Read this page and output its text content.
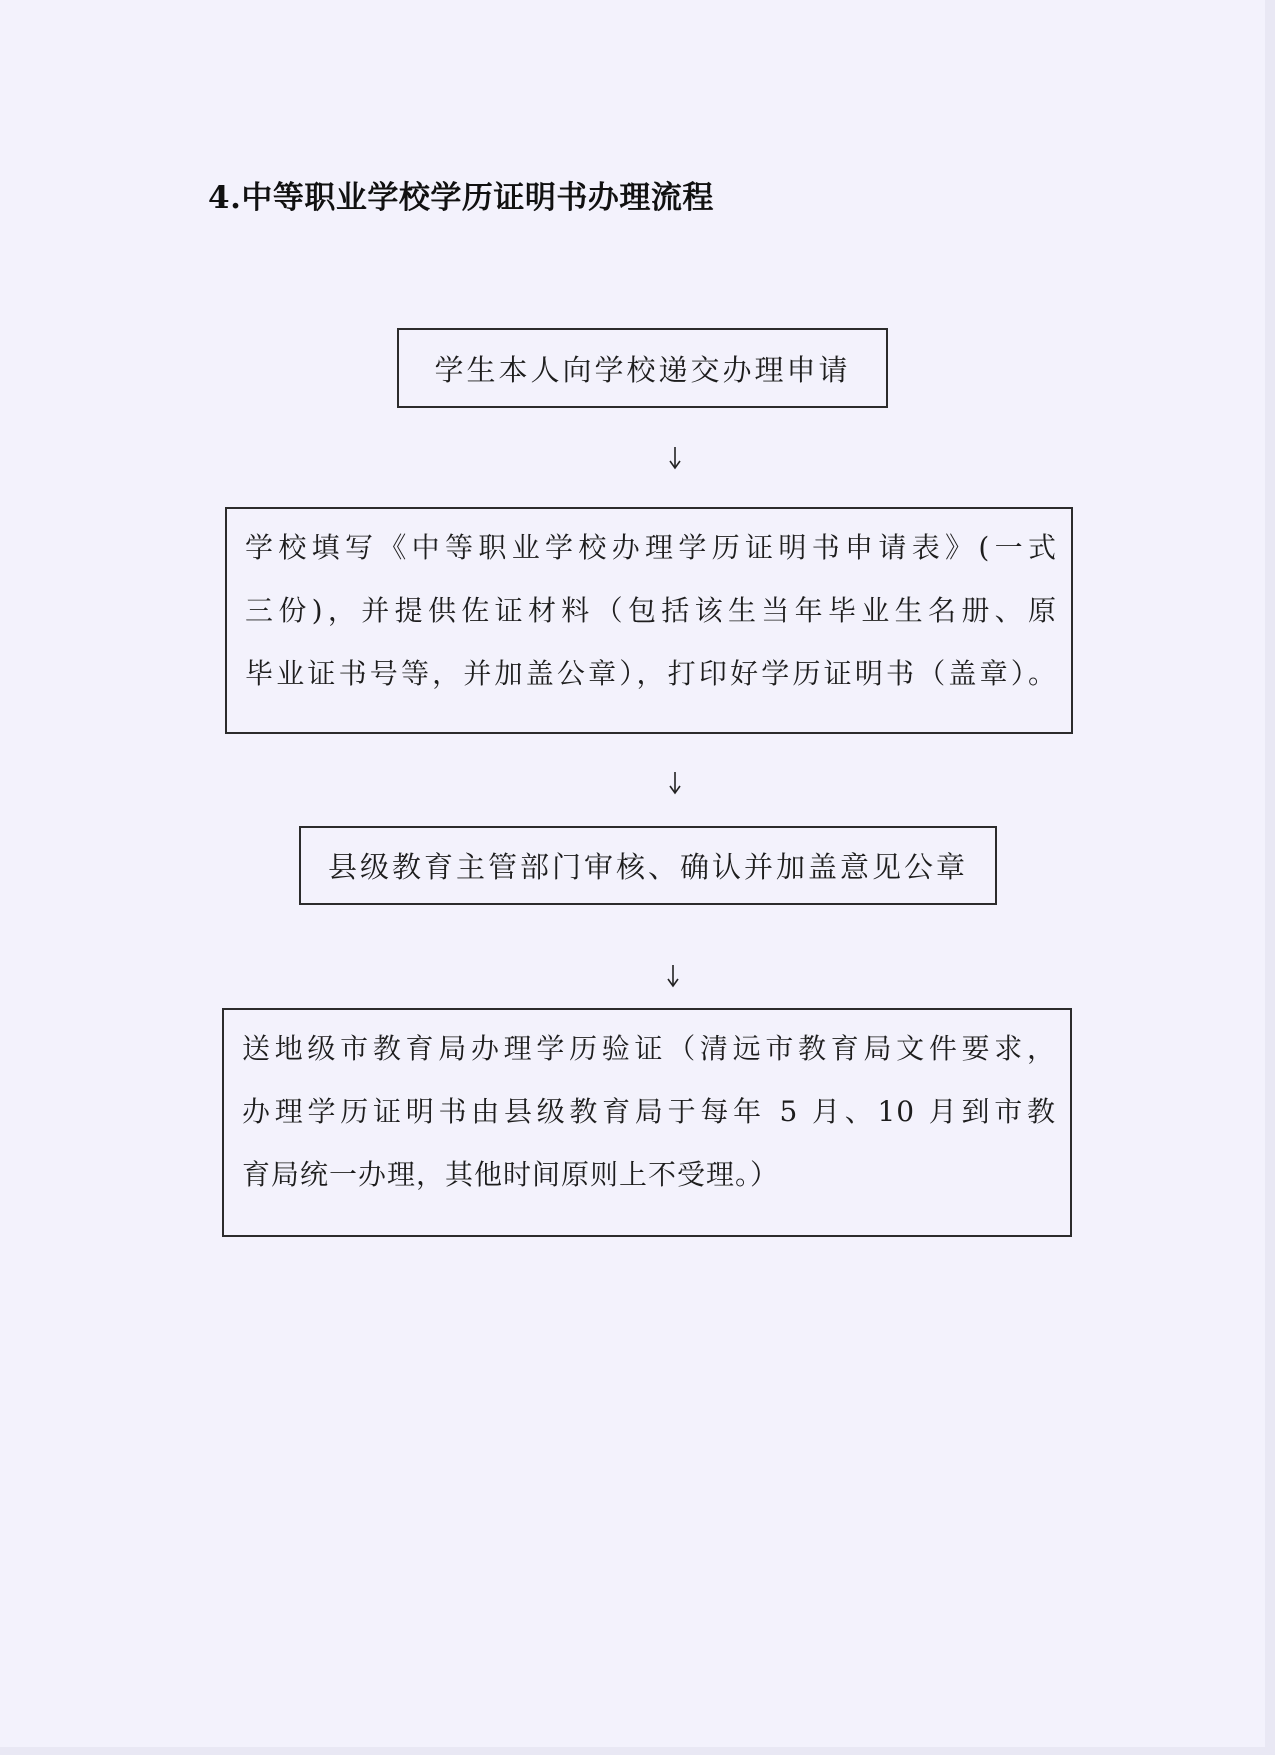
4.中等职业学校学历证明书办理流程
学生本人向学校递交办理申请
学校填写《中等职业学校办理学历证明书申请表》(一式
三份)，并提供佐证材料（包括该生当年毕业生名册、原
毕业证书号等，并加盖公章），打印好学历证明书（盖章）。
县级教育主管部门审核、确认并加盖意见公章
送地级市教育局办理学历验证（清远市教育局文件要求，
办理学历证明书由县级教育局于每年 5 月、10 月到市教
育局统一办理，其他时间原则上不受理。）
